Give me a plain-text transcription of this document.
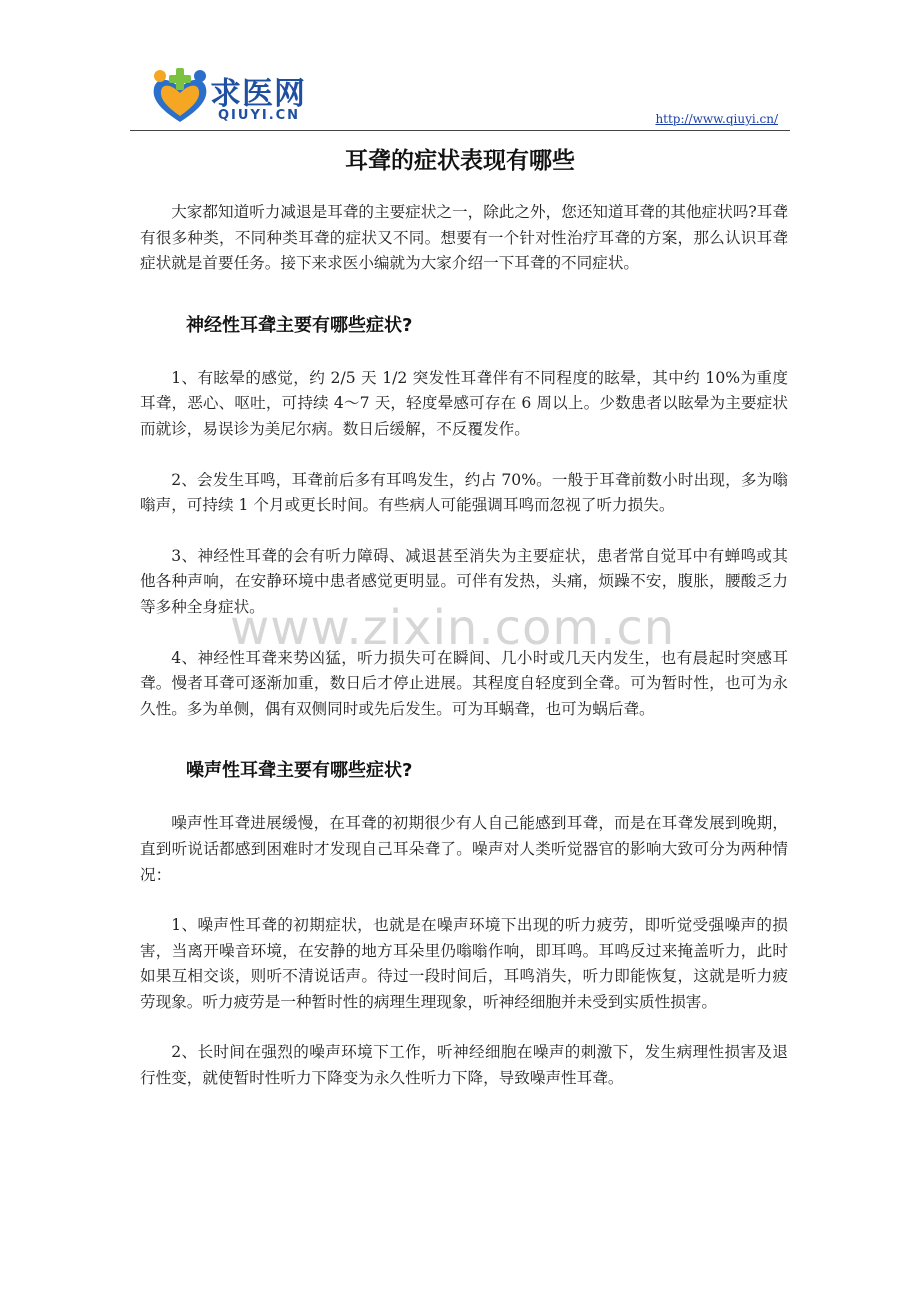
求医网
QIUYI.CN	http://www.qiuyi.cn/
耳聋的症状表现有哪些

大家都知道听力减退是耳聋的主要症状之一，除此之外，您还知道耳聋的其他症状吗?耳聋有很多种类，不同种类耳聋的症状又不同。想要有一个针对性治疗耳聋的方案，那么认识耳聋症状就是首要任务。接下来求医小编就为大家介绍一下耳聋的不同症状。

神经性耳聋主要有哪些症状?

1、有眩晕的感觉，约 2/5 天 1/2 突发性耳聋伴有不同程度的眩晕，其中约 10%为重度耳聋，恶心、呕吐，可持续 4～7 天，轻度晕感可存在 6 周以上。少数患者以眩晕为主要症状而就诊，易误诊为美尼尔病。数日后缓解，不反覆发作。

2、会发生耳鸣，耳聋前后多有耳鸣发生，约占 70%。一般于耳聋前数小时出现，多为嗡嗡声，可持续 1 个月或更长时间。有些病人可能强调耳鸣而忽视了听力损失。

3、神经性耳聋的会有听力障碍、减退甚至消失为主要症状，患者常自觉耳中有蝉鸣或其他各种声响，在安静环境中患者感觉更明显。可伴有发热，头痛，烦躁不安，腹胀，腰酸乏力等多种全身症状。

4、神经性耳聋来势凶猛，听力损失可在瞬间、几小时或几天内发生，也有晨起时突感耳聋。慢者耳聋可逐渐加重，数日后才停止进展。其程度自轻度到全聋。可为暂时性，也可为永久性。多为单侧，偶有双侧同时或先后发生。可为耳蜗聋，也可为蜗后聋。

噪声性耳聋主要有哪些症状?

噪声性耳聋进展缓慢，在耳聋的初期很少有人自己能感到耳聋，而是在耳聋发展到晚期，直到听说话都感到困难时才发现自己耳朵聋了。噪声对人类听觉器官的影响大致可分为两种情况：

1、噪声性耳聋的初期症状，也就是在噪声环境下出现的听力疲劳，即听觉受强噪声的损害，当离开噪音环境，在安静的地方耳朵里仍嗡嗡作响，即耳鸣。耳鸣反过来掩盖听力，此时如果互相交谈，则听不清说话声。待过一段时间后，耳鸣消失，听力即能恢复，这就是听力疲劳现象。听力疲劳是一种暂时性的病理生理现象，听神经细胞并未受到实质性损害。

2、长时间在强烈的噪声环境下工作，听神经细胞在噪声的刺激下，发生病理性损害及退行性变，就使暂时性听力下降变为永久性听力下降，导致噪声性耳聋。

www.zixin.com.cn
